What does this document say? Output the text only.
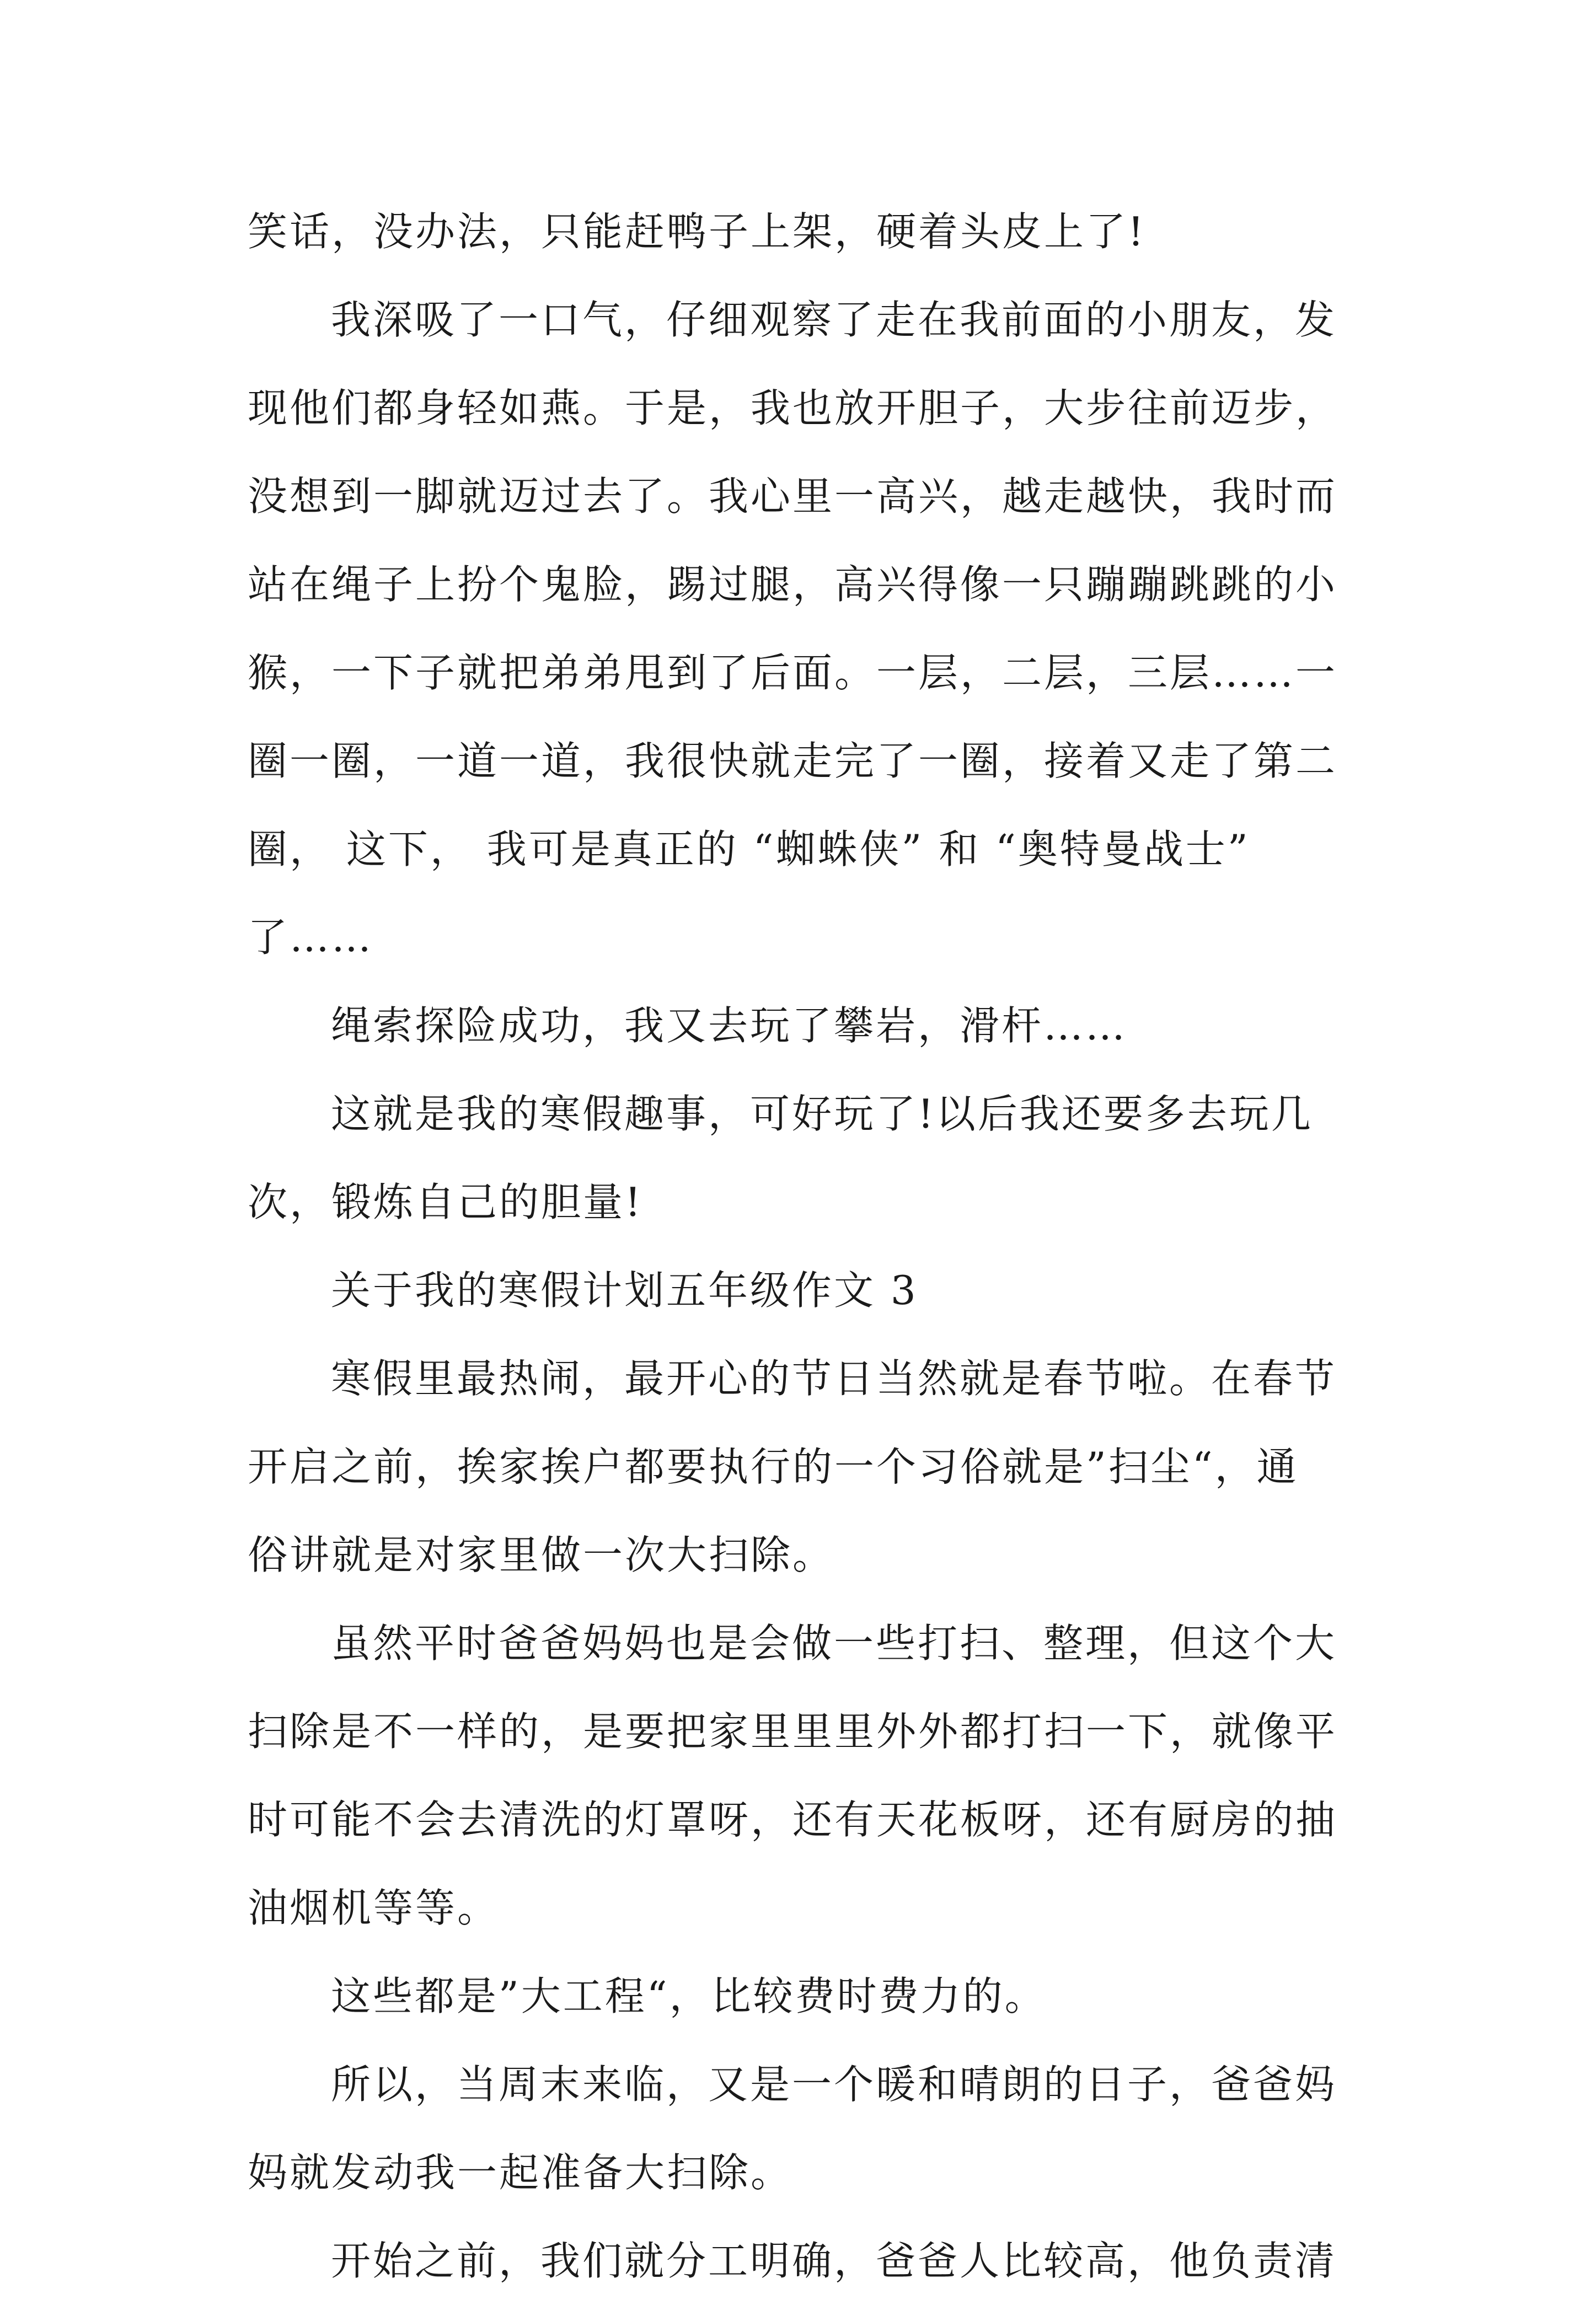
笑话，没办法，只能赶鸭子上架，硬着头皮上了!
我深吸了一口气，仔细观察了走在我前面的小朋友，发
现他们都身轻如燕。于是，我也放开胆子，大步往前迈步，
没想到一脚就迈过去了。我心里一高兴，越走越快，我时而
站在绳子上扮个鬼脸，踢过腿，高兴得像一只蹦蹦跳跳的小
猴，一下子就把弟弟甩到了后面。一层，二层，三层……一
圈一圈，一道一道，我很快就走完了一圈，接着又走了第二
圈， 这下， 我可是真正的 “蜘蛛侠” 和 “奥特曼战士”
了……
绳索探险成功，我又去玩了攀岩，滑杆……
这就是我的寒假趣事，可好玩了!以后我还要多去玩几
次，锻炼自己的胆量!
关于我的寒假计划五年级作文 3
寒假里最热闹，最开心的节日当然就是春节啦。在春节
开启之前，挨家挨户都要执行的一个习俗就是”扫尘“，通
俗讲就是对家里做一次大扫除。
虽然平时爸爸妈妈也是会做一些打扫、整理，但这个大
扫除是不一样的，是要把家里里里外外都打扫一下，就像平
时可能不会去清洗的灯罩呀，还有天花板呀，还有厨房的抽
油烟机等等。
这些都是”大工程“，比较费时费力的。
所以，当周末来临，又是一个暖和晴朗的日子，爸爸妈
妈就发动我一起准备大扫除。
开始之前，我们就分工明确，爸爸人比较高，他负责清
